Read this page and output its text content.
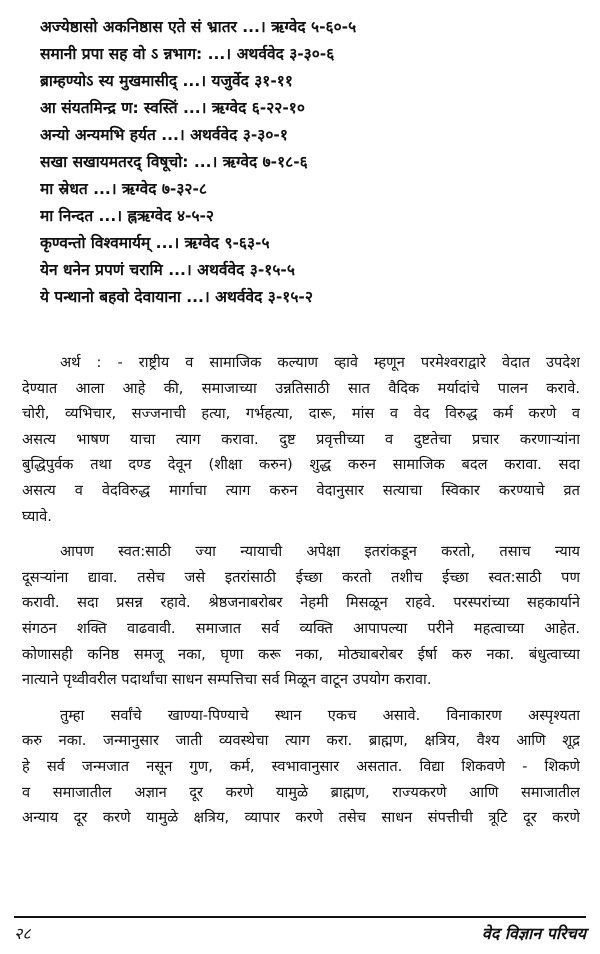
अज्येष्ठासो अकनिष्ठास एते सं भ्रातर ...। ऋग्वेद ५-६०-५
समानी प्रपा सह वो ऽ न्नभाग: ...। अथर्ववेद ३-३०-६
ब्राम्हण्योऽ स्य मुखमासीद् ...। यजुर्वेद ३१-११
आ संयतमिन्द्र ण: स्वस्तिं ...। ऋग्वेद ६-२२-१०
अन्यो अन्यमभि हर्यत ...। अथर्ववेद ३-३०-१
सखा सखायमतरद् विषूचो: ...। ऋग्वेद ७-१८-६
मा स्रेधत ...। ऋग्वेद ७-३२-८
मा निन्दत ...। ह्नऋग्वेद ४-५-२
कृण्वन्तो विश्वमार्यम् ...। ऋग्वेद ९-६३-५
येन धनेन प्रपणं चरामि ...। अथर्ववेद ३-१५-५
ये पन्थानो बहवो देवायाना ...। अथर्ववेद ३-१५-२

अर्थ : - राष्ट्रीय व सामाजिक कल्याण व्हावे म्हणून परमेश्वराद्वारे वेदात उपदेश
देण्यात आला आहे की, समाजाच्या उन्नतिसाठी सात वैदिक मर्यादांचे पालन करावे.
चोरी, व्यभिचार, सज्जनाची हत्या, गर्भहत्या, दारू, मांस व वेद विरुद्ध कर्म करणे व
असत्य भाषण याचा त्याग करावा. दुष्ट प्रवृत्तीच्या व दुष्टतेचा प्रचार करणाऱ्यांना
बुद्धिपुर्वक तथा दण्ड देवून (शीक्षा करुन) शुद्ध करुन सामाजिक बदल करावा. सदा
असत्य व वेदविरुद्ध मार्गाचा त्याग करुन वेदानुसार सत्याचा स्विकार करण्याचे व्रत
घ्यावे.

आपण स्वत:साठी ज्या न्यायाची अपेक्षा इतरांकडून करतो, तसाच न्याय
दूसऱ्यांना द्यावा. तसेच जसे इतरांसाठी ईच्छा करतो तशीच ईच्छा स्वत:साठी पण
करावी. सदा प्रसन्न रहावे. श्रेष्ठजनाबरोबर नेहमी मिसळून राहवे. परस्परांच्या सहकार्याने
संगठन शक्ति वाढवावी. समाजात सर्व व्यक्ति आपापल्या परीने महत्वाच्या आहेत.
कोणासही कनिष्ठ समजू नका, घृणा करू नका, मोठ्याबरोबर ईर्षा करु नका. बंधुत्वाच्या
नात्याने पृथ्वीवरील पदार्थांचा साधन सम्पत्तिचा सर्व मिळून वाटून उपयोग करावा.

तुम्हा सर्वांचे खाण्या-पिण्याचे स्थान एकच असावे. विनाकारण अस्पृश्यता
करु नका. जन्मानुसार जाती व्यवस्थेचा त्याग करा. ब्राह्मण, क्षत्रिय, वैश्य आणि शूद्र
हे सर्व जन्मजात नसून गुण, कर्म, स्वभावानुसार असतात. विद्या शिकवणे - शिकणे
व समाजातील अज्ञान दूर करणे यामुळे ब्राह्मण, राज्यकरणे आणि समाजातील
अन्याय दूर करणे यामुळे क्षत्रिय, व्यापार करणे तसेच साधन संपत्तीची त्रूटि दूर करणे

२८	वेद विज्ञान परिचय
